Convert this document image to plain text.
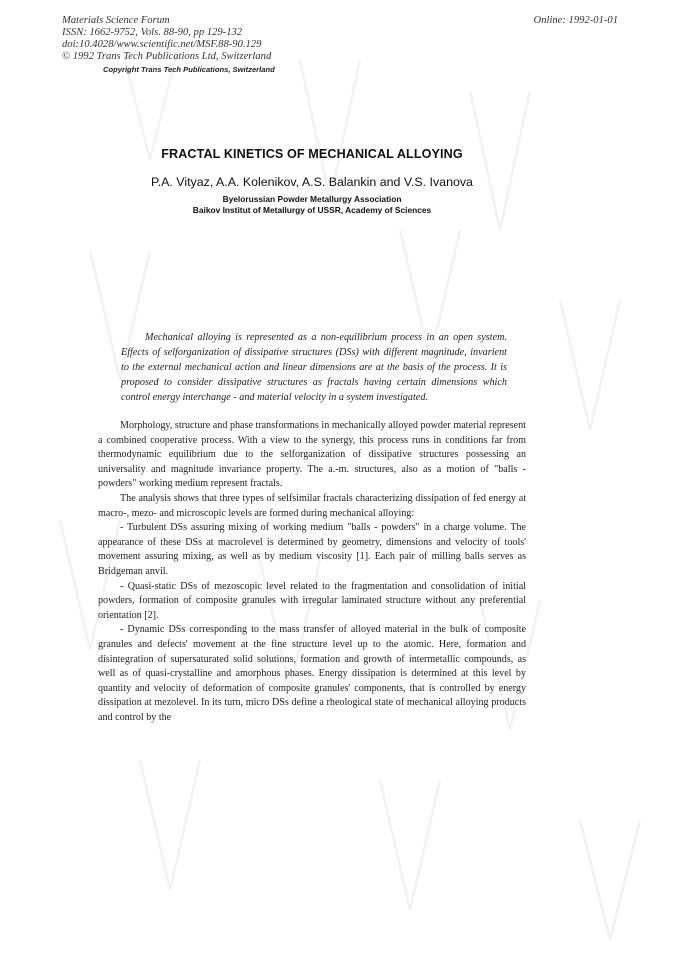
Materials Science Forum
ISSN: 1662-9752, Vols. 88-90, pp 129-132
doi:10.4028/www.scientific.net/MSF.88-90.129
© 1992 Trans Tech Publications Ltd, Switzerland
Copyright Trans Tech Publications, Switzerland
Online: 1992-01-01
FRACTAL KINETICS OF MECHANICAL ALLOYING
P.A. Vityaz, A.A. Kolenikov, A.S. Balankin and V.S. Ivanova
Byelorussian Powder Metallurgy Association
Baikov Institut of Metallurgy of USSR, Academy of Sciences
Mechanical alloying is represented as a non-equilibrium process in an open system. Effects of selforganization of dissipative structures (DSs) with different magnitude, invarient to the external mechanical action and linear dimensions are at the basis of the process. It is proposed to consider dissipative structures as fractals having certain dimensions which control energy interchange - and material velocity in a system investigated.

Morphology, structure and phase transformations in mechanically alloyed powder material represent a combined cooperative process. With a view to the synergy, this process runs in conditions far from thermodynamic equilibrium due to the selforganization of dissipative structures possessing an universality and magnitude invariance property. The a.-m. structures, also as a motion of "balls - powders" working medium represent fractals.

The analysis shows that three types of selfsimilar fractals characterizing dissipation of fed energy at macro-, mezo- and microscopic levels are formed during mechanical alloying:

- Turbulent DSs assuring mixing of working medium "balls - powders" in a charge volume. The appearance of these DSs at macrolevel is determined by geometry, dimensions and velocity of tools' movement assuring mixing, as well as by medium viscosity [1]. Each pair of milling balls serves as Bridgeman anvil.

- Quasi-static DSs of mezoscopic level related to the fragmentation and consolidation of initial powders, formation of composite granules with irregular laminated structure without any preferential orientation [2].

- Dynamic DSs corresponding to the mass transfer of alloyed material in the bulk of composite granules and defects' movement at the fine structure level up to the atomic. Here, formation and disintegration of supersaturated solid solutions, formation and growth of intermetallic compounds, as well as of quasi-crystalline and amorphous phases. Energy dissipation is determined at this level by quantity and velocity of deformation of composite granules' components, that is controlled by energy dissipation at mezolevel. In its turn, micro DSs define a rheological state of mechanical alloying products and control by the
